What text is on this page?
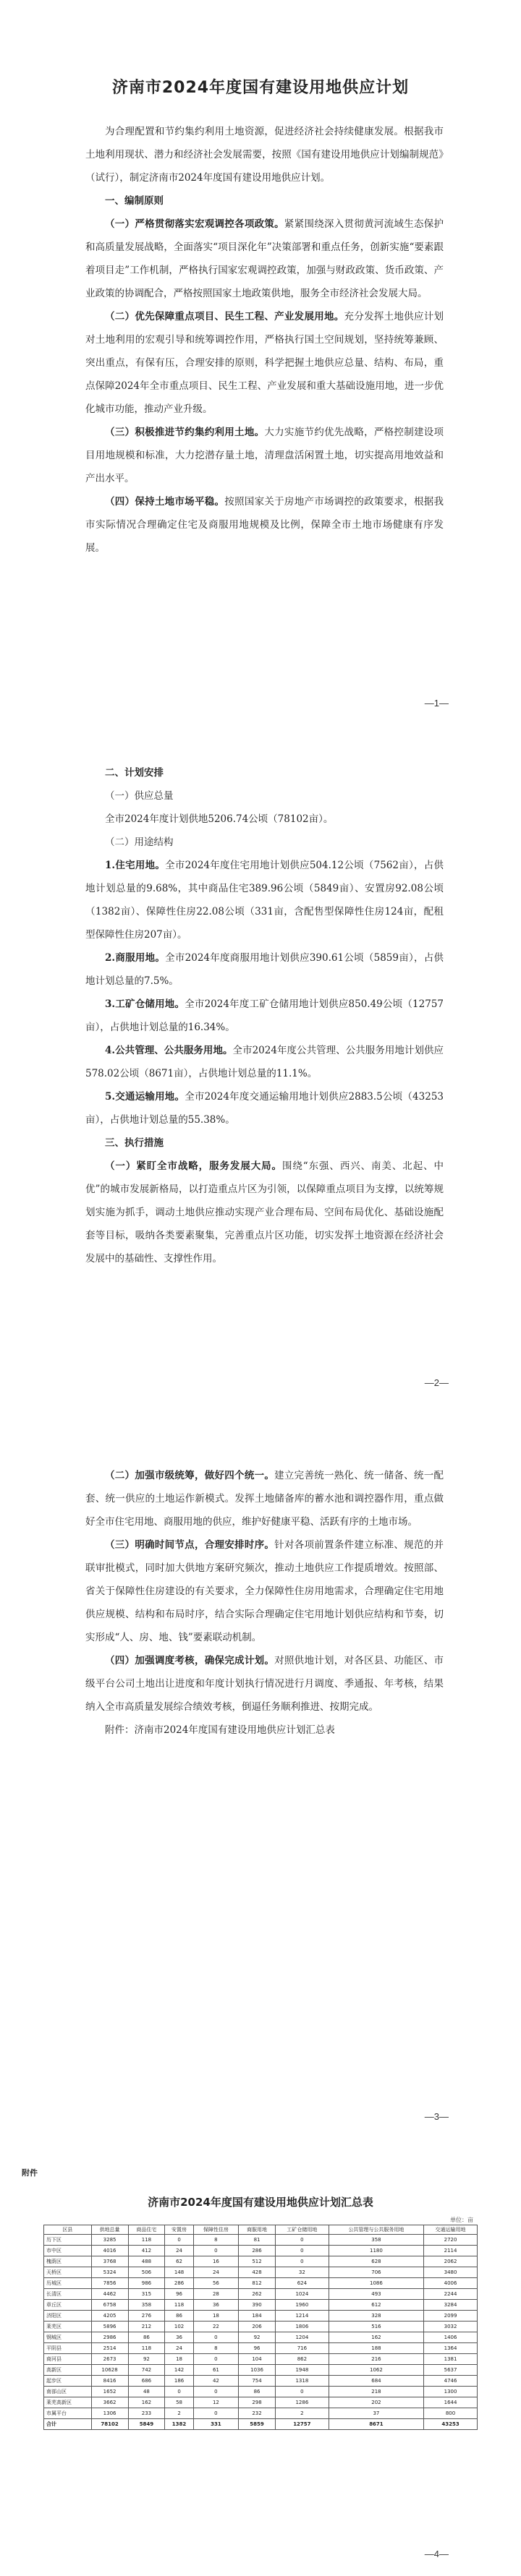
济南市2024年度国有建设用地供应计划

为合理配置和节约集约利用土地资源，促进经济社会持续健康发展。根据我市土地利用现状、潜力和经济社会发展需要，按照《国有建设用地供应计划编制规范》（试行），制定济南市2024年度国有建设用地供应计划。

一、编制原则

（一）严格贯彻落实宏观调控各项政策。紧紧围绕深入贯彻黄河流域生态保护和高质量发展战略，全面落实“项目深化年”决策部署和重点任务，创新实施“要素跟着项目走”工作机制，严格执行国家宏观调控政策，加强与财政政策、货币政策、产业政策的协调配合，严格按照国家土地政策供地，服务全市经济社会发展大局。

（二）优先保障重点项目、民生工程、产业发展用地。充分发挥土地供应计划对土地利用的宏观引导和统筹调控作用，严格执行国土空间规划，坚持统筹兼顾、突出重点，有保有压，合理安排的原则，科学把握土地供应总量、结构、布局，重点保障2024年全市重点项目、民生工程、产业发展和重大基础设施用地，进一步优化城市功能，推动产业升级。

（三）积极推进节约集约利用土地。大力实施节约优先战略，严格控制建设项目用地规模和标准，大力挖潜存量土地，清理盘活闲置土地，切实提高用地效益和产出水平。

（四）保持土地市场平稳。按照国家关于房地产市场调控的政策要求，根据我市实际情况合理确定住宅及商服用地规模及比例，保障全市土地市场健康有序发展。

—1—

二、计划安排

（一）供应总量

全市2024年度计划供地5206.74公顷（78102亩）。

（二）用途结构

1.住宅用地。全市2024年度住宅用地计划供应504.12公顷（7562亩），占供地计划总量的9.68%，其中商品住宅389.96公顷（5849亩）、安置房92.08公顷（1382亩）、保障性住房22.08公顷（331亩，含配售型保障性住房124亩，配租型保障性住房207亩）。

2.商服用地。全市2024年度商服用地计划供应390.61公顷（5859亩），占供地计划总量的7.5%。

3.工矿仓储用地。全市2024年度工矿仓储用地计划供应850.49公顷（12757亩），占供地计划总量的16.34%。

4.公共管理、公共服务用地。全市2024年度公共管理、公共服务用地计划供应578.02公顷（8671亩），占供地计划总量的11.1%。

5.交通运输用地。全市2024年度交通运输用地计划供应2883.5公顷（43253亩），占供地计划总量的55.38%。

三、执行措施

（一）紧盯全市战略，服务发展大局。围绕“东强、西兴、南美、北起、中优”的城市发展新格局，以打造重点片区为引领，以保障重点项目为支撑，以统筹规划实施为抓手，调动土地供应推动实现产业合理布局、空间布局优化、基础设施配套等目标，吸纳各类要素聚集，完善重点片区功能，切实发挥土地资源在经济社会发展中的基础性、支撑性作用。

—2—

（二）加强市级统筹，做好四个统一。建立完善统一熟化、统一储备、统一配套、统一供应的土地运作新模式。发挥土地储备库的蓄水池和调控器作用，重点做好全市住宅用地、商服用地的供应，维护好健康平稳、活跃有序的土地市场。

（三）明确时间节点，合理安排时序。针对各项前置条件建立标准、规范的并联审批模式，同时加大供地方案研究频次，推动土地供应工作提质增效。按照部、省关于保障性住房建设的有关要求，全力保障性住房用地需求，合理确定住宅用地供应规模、结构和布局时序，结合实际合理确定住宅用地计划供应结构和节奏，切实形成“人、房、地、钱”要素联动机制。

（四）加强调度考核，确保完成计划。对照供地计划，对各区县、功能区、市级平台公司土地出让进度和年度计划执行情况进行月调度、季通报、年考核，结果纳入全市高质量发展综合绩效考核，倒逼任务顺利推进、按期完成。

附件：济南市2024年度国有建设用地供应计划汇总表

—3—
附件
济南市2024年度国有建设用地供应计划汇总表
单位：亩
区县	供地总量	商品住宅	安置房	保障性住房	商服用地	工矿仓储用地	公共管理与公共服务用地	交通运输用地
历下区	3285	118	0	8	81	0	358	2720
市中区	4016	412	24	0	286	0	1180	2114
槐荫区	3768	488	62	16	512	0	628	2062
天桥区	5324	506	148	24	428	32	706	3480
历城区	7856	986	286	56	812	624	1086	4006
长清区	4462	315	96	28	262	1024	493	2244
章丘区	6758	358	118	36	390	1960	612	3284
济阳区	4205	276	86	18	184	1214	328	2099
莱芜区	5896	212	102	22	206	1806	516	3032
钢城区	2986	86	36	0	92	1204	162	1406
平阴县	2514	118	24	8	96	716	188	1364
商河县	2673	92	18	0	104	862	216	1381
高新区	10628	742	142	61	1036	1948	1062	5637
起步区	8416	686	186	42	754	1318	684	4746
南部山区	1652	48	0	0	86	0	218	1300
莱芜高新区	3662	162	58	12	298	1286	202	1644
市属平台	1306	233	2	0	232	2	37	800
合计	78102	5849	1382	331	5859	12757	8671	43253
—4—
